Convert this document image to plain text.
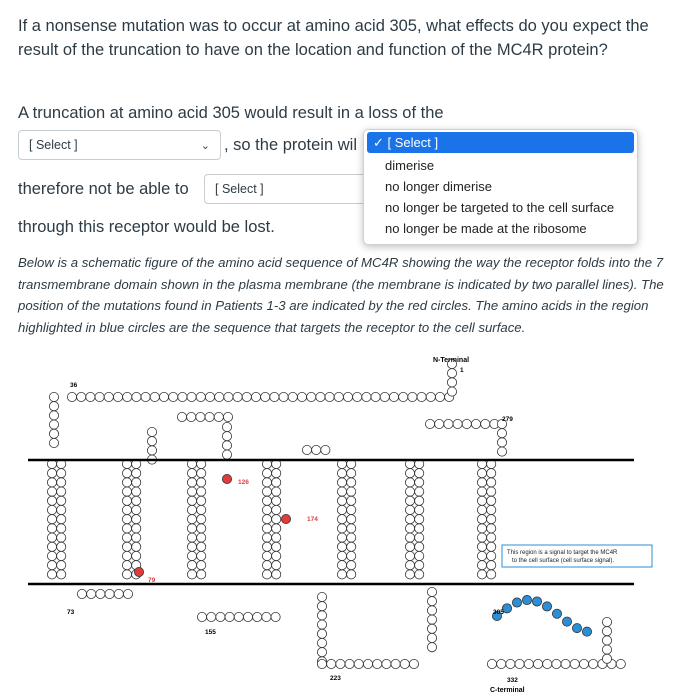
If a nonsense mutation was to occur at amino acid 305, what effects do you expect the result of the truncation to have on the location and function of the MC4R protein?
A truncation at amino acid 305 would result in a loss of the
[ Select ]	⌄ , so the protein wil
therefore not be able to [ Select ]
through this receptor would be lost.
✓ [ Select ]
dimerise
no longer dimerise
no longer be targeted to the cell surface
no longer be made at the ribosome
Below is a schematic figure of the amino acid sequence of MC4R showing the way the receptor folds into the 7 transmembrane domain shown in the plasma membrane (the membrane is indicated by two parallel lines). The position of the mutations found in Patients 1-3 are indicated by the red circles. The amino acids in the region highlighted in blue circles are the sequence that targets the receptor to the cell surface.
N-Terminal
C-terminal
36
1
279
126
174
79
73
155
223
305
332
This region is a signal to target the MC4R to the cell surface (cell surface signal).
